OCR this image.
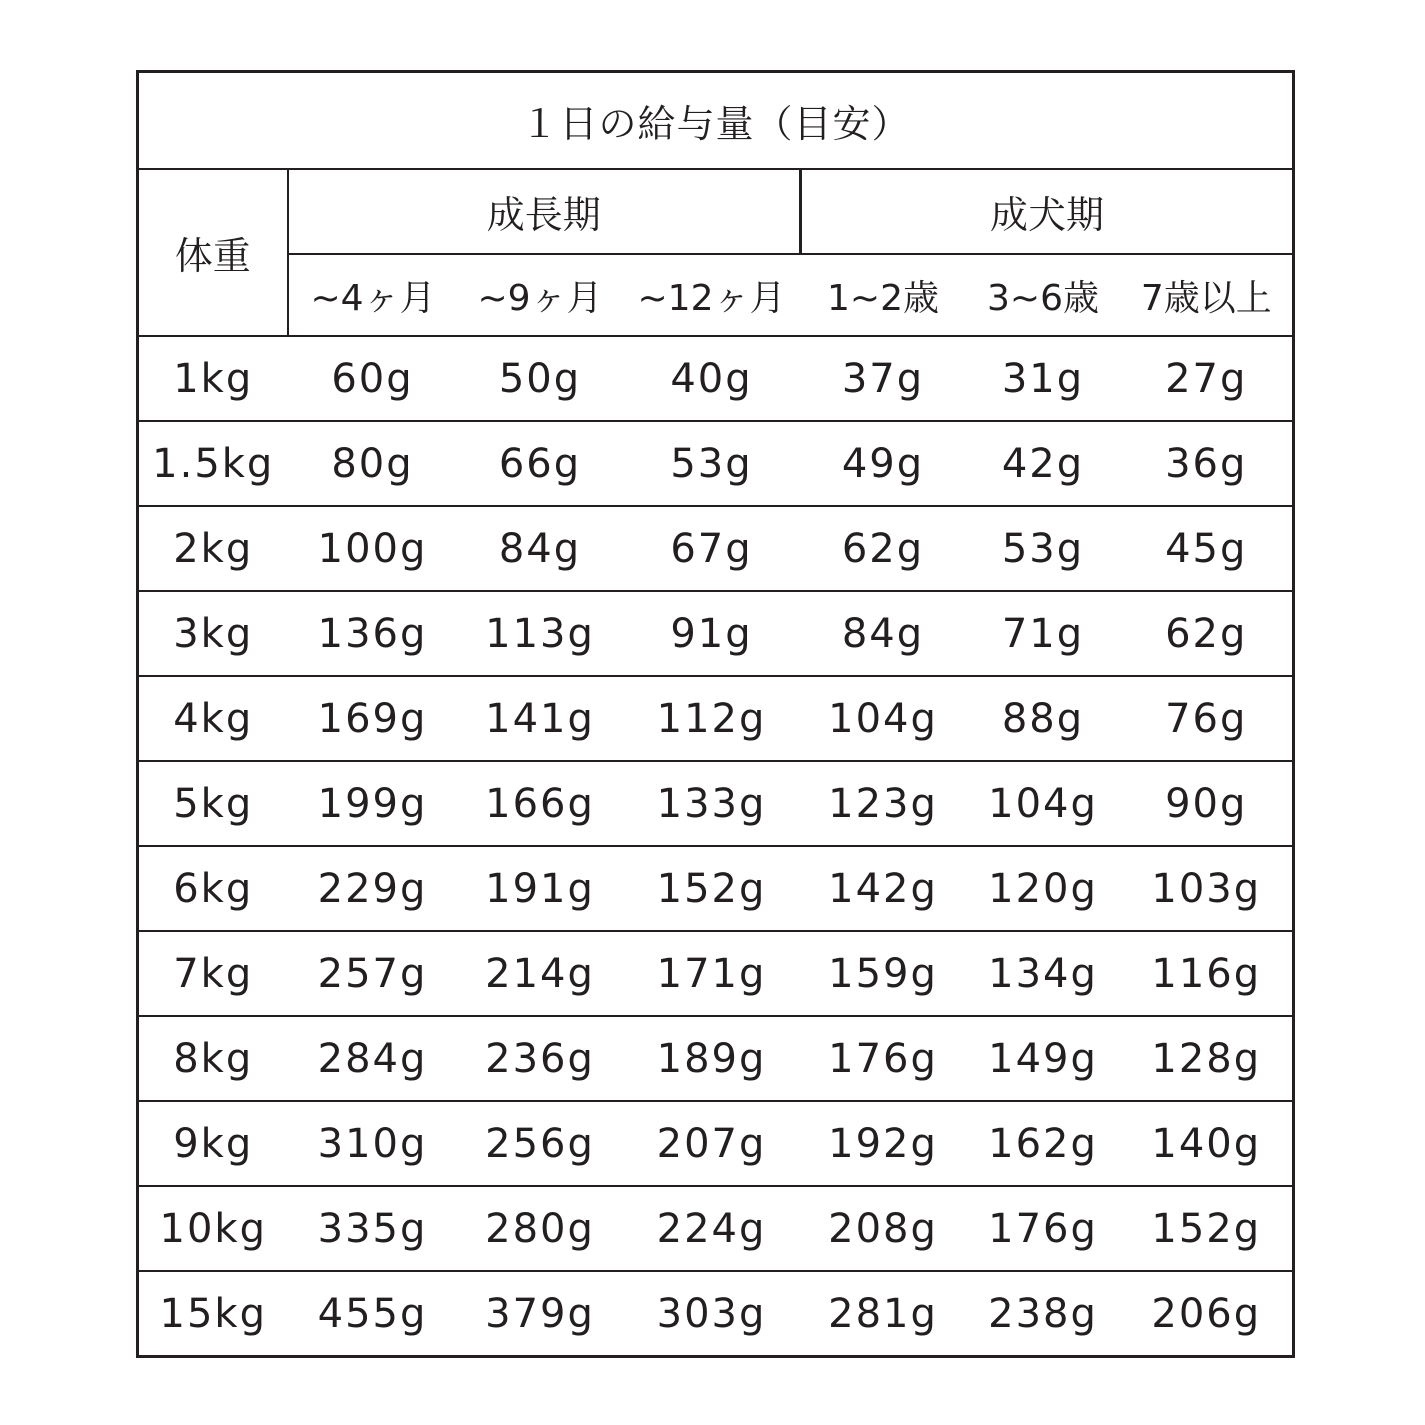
１日の給与量（目安）						
体重	成長期			成犬期		
	~4ヶ月	~9ヶ月	~12ヶ月	1~2歳	3~6歳	7歳以上
1kg	60g	50g	40g	37g	31g	27g
1.5kg	80g	66g	53g	49g	42g	36g
2kg	100g	84g	67g	62g	53g	45g
3kg	136g	113g	91g	84g	71g	62g
4kg	169g	141g	112g	104g	88g	76g
5kg	199g	166g	133g	123g	104g	90g
6kg	229g	191g	152g	142g	120g	103g
7kg	257g	214g	171g	159g	134g	116g
8kg	284g	236g	189g	176g	149g	128g
9kg	310g	256g	207g	192g	162g	140g
10kg	335g	280g	224g	208g	176g	152g
15kg	455g	379g	303g	281g	238g	206g
